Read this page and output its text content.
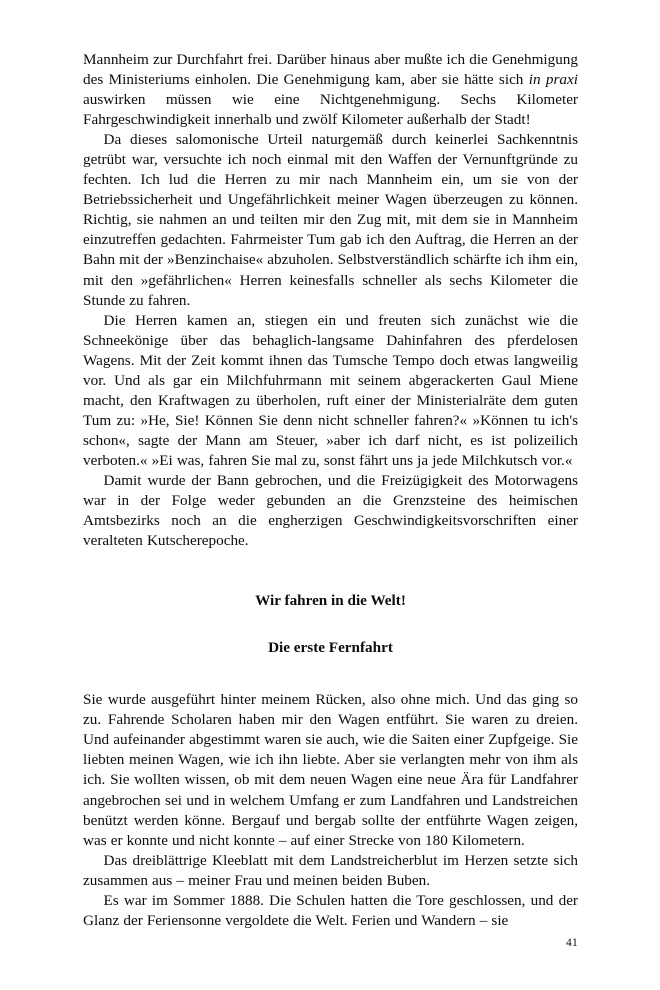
Mannheim zur Durchfahrt frei. Darüber hinaus aber mußte ich die Genehmigung des Ministeriums einholen. Die Genehmigung kam, aber sie hätte sich in praxi auswirken müssen wie eine Nichtgenehmigung. Sechs Kilometer Fahrgeschwindigkeit innerhalb und zwölf Kilometer außerhalb der Stadt!

Da dieses salomonische Urteil naturgemäß durch keinerlei Sachkenntnis getrübt war, versuchte ich noch einmal mit den Waffen der Vernunftgründe zu fechten. Ich lud die Herren zu mir nach Mannheim ein, um sie von der Betriebssicherheit und Ungefährlichkeit meiner Wagen überzeugen zu können. Richtig, sie nahmen an und teilten mir den Zug mit, mit dem sie in Mannheim einzutreffen gedachten. Fahrmeister Tum gab ich den Auftrag, die Herren an der Bahn mit der »Benzinchaise« abzuholen. Selbstverständlich schärfte ich ihm ein, mit den »gefährlichen« Herren keinesfalls schneller als sechs Kilometer die Stunde zu fahren.

Die Herren kamen an, stiegen ein und freuten sich zunächst wie die Schneekönige über das behaglich-langsame Dahinfahren des pferdelosen Wagens. Mit der Zeit kommt ihnen das Tumsche Tempo doch etwas langweilig vor. Und als gar ein Milchfuhrmann mit seinem abgerackerten Gaul Miene macht, den Kraftwagen zu überholen, ruft einer der Ministerialräte dem guten Tum zu: »He, Sie! Können Sie denn nicht schneller fahren?« »Können tu ich's schon«, sagte der Mann am Steuer, »aber ich darf nicht, es ist polizeilich verboten.« »Ei was, fahren Sie mal zu, sonst fährt uns ja jede Milchkutsch vor.«

Damit wurde der Bann gebrochen, und die Freizügigkeit des Motorwagens war in der Folge weder gebunden an die Grenzsteine des heimischen Amtsbezirks noch an die engherzigen Geschwindigkeitsvorschriften einer veralteten Kutscherepoche.

Wir fahren in die Welt!
Die erste Fernfahrt

Sie wurde ausgeführt hinter meinem Rücken, also ohne mich. Und das ging so zu. Fahrende Scholaren haben mir den Wagen entführt. Sie waren zu dreien. Und aufeinander abgestimmt waren sie auch, wie die Saiten einer Zupfgeige. Sie liebten meinen Wagen, wie ich ihn liebte. Aber sie verlangten mehr von ihm als ich. Sie wollten wissen, ob mit dem neuen Wagen eine neue Ära für Landfahrer angebrochen sei und in welchem Umfang er zum Landfahren und Landstreichen benützt werden könne. Bergauf und bergab sollte der entführte Wagen zeigen, was er konnte und nicht konnte – auf einer Strecke von 180 Kilometern.

Das dreiblättrige Kleeblatt mit dem Landstreicherblut im Herzen setzte sich zusammen aus – meiner Frau und meinen beiden Buben.

Es war im Sommer 1888. Die Schulen hatten die Tore geschlossen, und der Glanz der Feriensonne vergoldete die Welt. Ferien und Wandern – sie

41
